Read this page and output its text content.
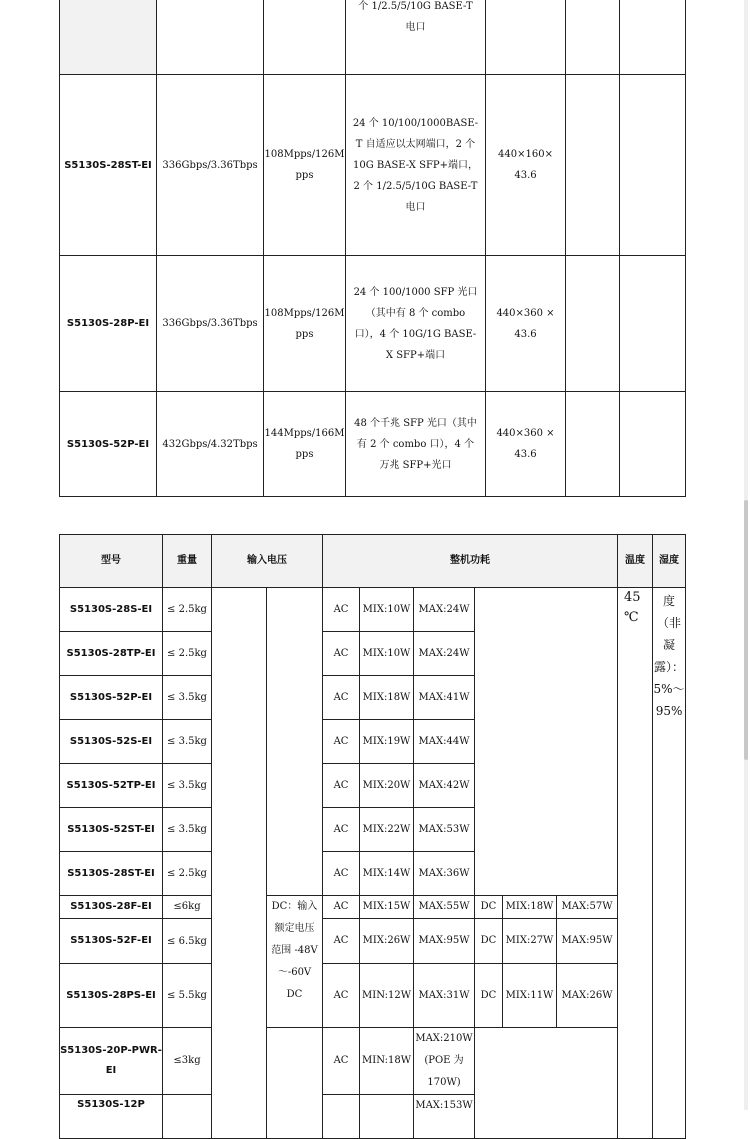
			个 1/2.5/5/10G BASE-T 电口			
S5130S-28ST-EI	336Gbps/3.36Tbps	108Mpps/126M pps	24 个 10/100/1000BASE-T 自适应以太网端口，2 个 10G BASE-X SFP+端口，2 个 1/2.5/5/10G BASE-T 电口	440×160× 43.6		
S5130S-28P-EI	336Gbps/3.36Tbps	108Mpps/126M pps	24 个 100/1000 SFP 光口（其中有 8 个 combo 口），4 个 10G/1G BASE-X SFP+端口	440×360 × 43.6		
S5130S-52P-EI	432Gbps/4.32Tbps	144Mpps/166M pps	48 个千兆 SFP 光口（其中有 2 个 combo 口），4 个万兆 SFP+光口	440×360 × 43.6		
型号	重量	输入电压		整机功耗						温度	湿度
S5130S-28S-EI	≤ 2.5kg			AC	MIX:10W	MAX:24W				45 ℃	度（非凝露）：5%～95%
S5130S-28TP-EI	≤ 2.5kg			AC	MIX:10W	MAX:24W					
S5130S-52P-EI	≤ 3.5kg			AC	MIX:18W	MAX:41W					
S5130S-52S-EI	≤ 3.5kg			AC	MIX:19W	MAX:44W					
S5130S-52TP-EI	≤ 3.5kg			AC	MIX:20W	MAX:42W					
S5130S-52ST-EI	≤ 3.5kg			AC	MIX:22W	MAX:53W					
S5130S-28ST-EI	≤ 2.5kg			AC	MIX:14W	MAX:36W					
S5130S-28F-EI	≤6kg		DC：输入额定电压范围 -48V～-60V DC	AC	MIX:15W	MAX:55W	DC	MIX:18W	MAX:57W		
S5130S-52F-EI	≤ 6.5kg			AC	MIX:26W	MAX:95W	DC	MIX:27W	MAX:95W		
S5130S-28PS-EI	≤ 5.5kg			AC	MIN:12W	MAX:31W	DC	MIX:11W	MAX:26W		
S5130S-20P-PWR-EI	≤3kg			AC	MIN:18W	MAX:210W (POE 为 170W)					
S5130S-12P						MAX:153W					
